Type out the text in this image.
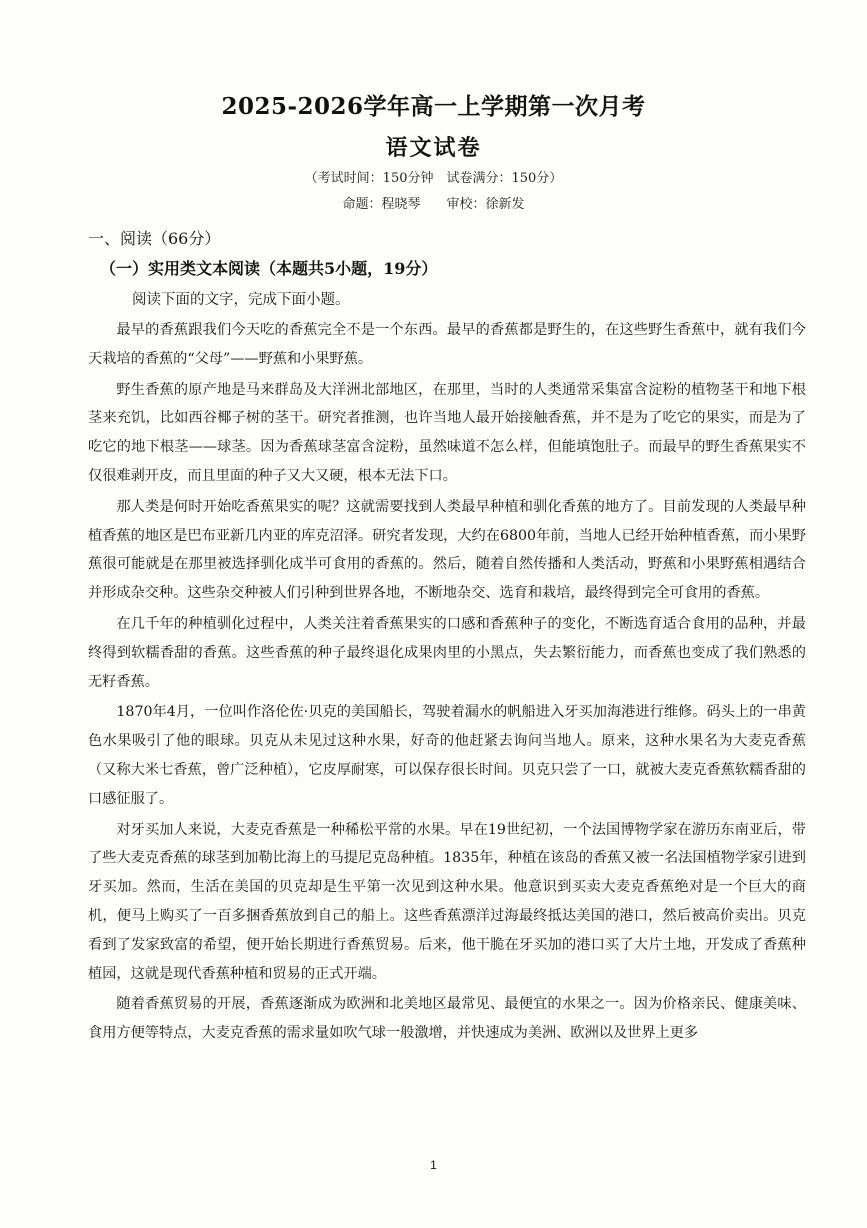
2025-2026学年高一上学期第一次月考
语文试卷
（考试时间：150分钟　试卷满分：150分）
命题：程晓琴 审校：徐新发
一、阅读（66分）
（一）实用类文本阅读（本题共5小题，19分）
阅读下面的文字，完成下面小题。

最早的香蕉跟我们今天吃的香蕉完全不是一个东西。最早的香蕉都是野生的，在这些野生香蕉中，就有我们今天栽培的香蕉的“父母”——野蕉和小果野蕉。

野生香蕉的原产地是马来群岛及大洋洲北部地区，在那里，当时的人类通常采集富含淀粉的植物茎干和地下根茎来充饥，比如西谷椰子树的茎干。研究者推测，也许当地人最开始接触香蕉，并不是为了吃它的果实，而是为了吃它的地下根茎——球茎。因为香蕉球茎富含淀粉，虽然味道不怎么样，但能填饱肚子。而最早的野生香蕉果实不仅很难剥开皮，而且里面的种子又大又硬，根本无法下口。

那人类是何时开始吃香蕉果实的呢？这就需要找到人类最早种植和驯化香蕉的地方了。目前发现的人类最早种植香蕉的地区是巴布亚新几内亚的库克沼泽。研究者发现，大约在6800年前，当地人已经开始种植香蕉，而小果野蕉很可能就是在那里被选择驯化成半可食用的香蕉的。然后，随着自然传播和人类活动，野蕉和小果野蕉相遇结合并形成杂交种。这些杂交种被人们引种到世界各地，不断地杂交、选育和栽培，最终得到完全可食用的香蕉。

在几千年的种植驯化过程中，人类关注着香蕉果实的口感和香蕉种子的变化，不断选育适合食用的品种，并最终得到软糯香甜的香蕉。这些香蕉的种子最终退化成果肉里的小黑点，失去繁衍能力，而香蕉也变成了我们熟悉的无籽香蕉。

1870年4月，一位叫作洛伦佐·贝克的美国船长，驾驶着漏水的帆船进入牙买加海港进行维修。码头上的一串黄色水果吸引了他的眼球。贝克从未见过这种水果，好奇的他赶紧去询问当地人。原来，这种水果名为大麦克香蕉（又称大米七香蕉，曾广泛种植），它皮厚耐寒，可以保存很长时间。贝克只尝了一口，就被大麦克香蕉软糯香甜的口感征服了。

对牙买加人来说，大麦克香蕉是一种稀松平常的水果。早在19世纪初，一个法国博物学家在游历东南亚后，带了些大麦克香蕉的球茎到加勒比海上的马提尼克岛种植。1835年，种植在该岛的香蕉又被一名法国植物学家引进到牙买加。然而，生活在美国的贝克却是生平第一次见到这种水果。他意识到买卖大麦克香蕉绝对是一个巨大的商机，便马上购买了一百多捆香蕉放到自己的船上。这些香蕉漂洋过海最终抵达美国的港口，然后被高价卖出。贝克看到了发家致富的希望，便开始长期进行香蕉贸易。后来，他干脆在牙买加的港口买了大片土地，开发成了香蕉种植园，这就是现代香蕉种植和贸易的正式开端。

随着香蕉贸易的开展，香蕉逐渐成为欧洲和北美地区最常见、最便宜的水果之一。因为价格亲民、健康美味、食用方便等特点，大麦克香蕉的需求量如吹气球一般激增，并快速成为美洲、欧洲以及世界上更多

1
